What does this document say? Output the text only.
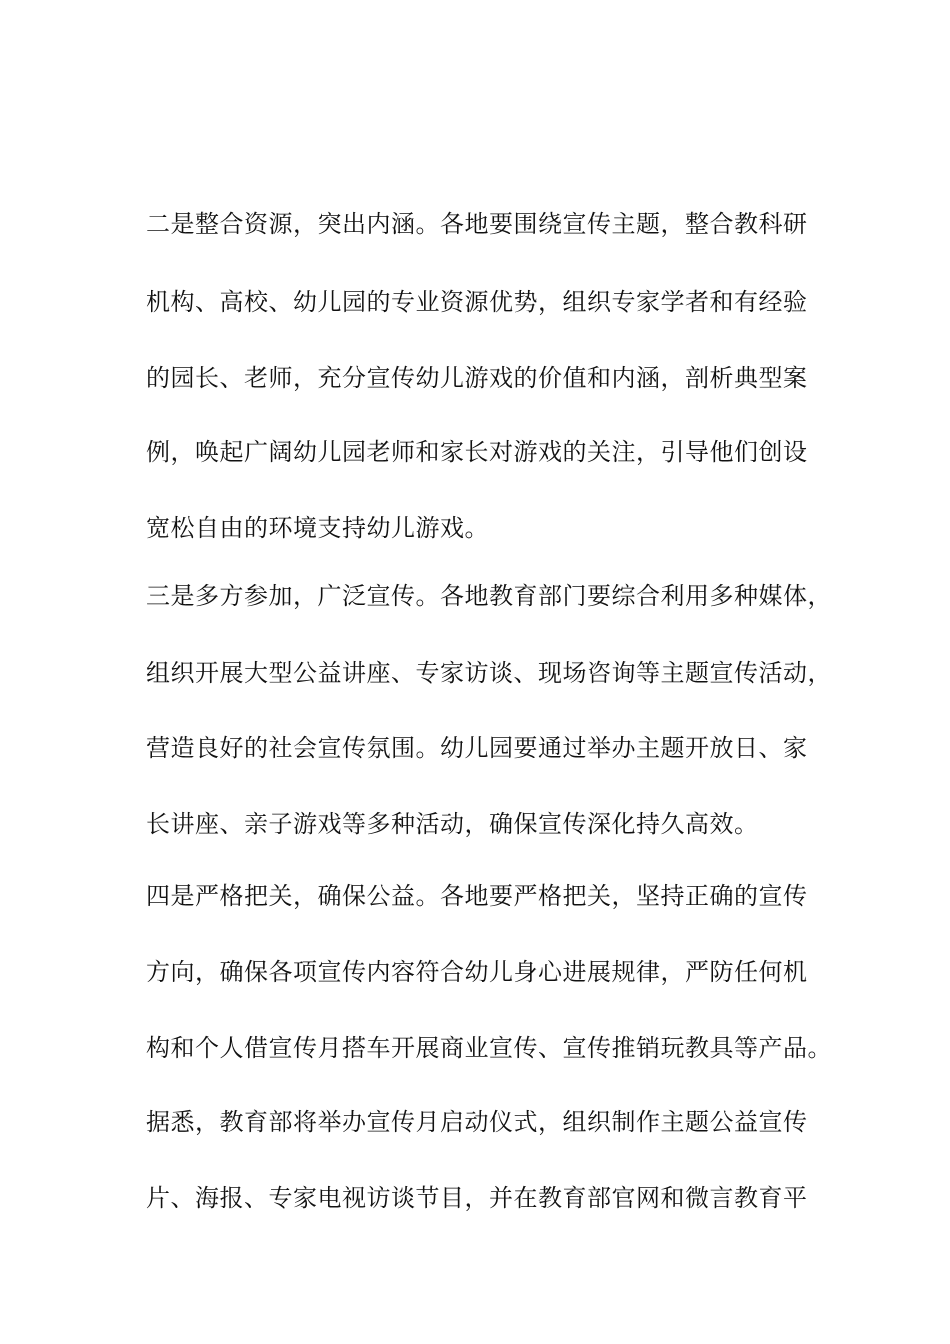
二是整合资源，突出内涵。各地要围绕宣传主题，整合教科研
机构、高校、幼儿园的专业资源优势，组织专家学者和有经验
的园长、老师，充分宣传幼儿游戏的价值和内涵，剖析典型案
例，唤起广阔幼儿园老师和家长对游戏的关注，引导他们创设
宽松自由的环境支持幼儿游戏。
三是多方参加，广泛宣传。各地教育部门要综合利用多种媒体，
组织开展大型公益讲座、专家访谈、现场咨询等主题宣传活动，
营造良好的社会宣传氛围。幼儿园要通过举办主题开放日、家
长讲座、亲子游戏等多种活动，确保宣传深化持久高效。
四是严格把关，确保公益。各地要严格把关，坚持正确的宣传
方向，确保各项宣传内容符合幼儿身心进展规律，严防任何机
构和个人借宣传月搭车开展商业宣传、宣传推销玩教具等产品。
据悉，教育部将举办宣传月启动仪式，组织制作主题公益宣传
片、海报、专家电视访谈节目，并在教育部官网和微言教育平
